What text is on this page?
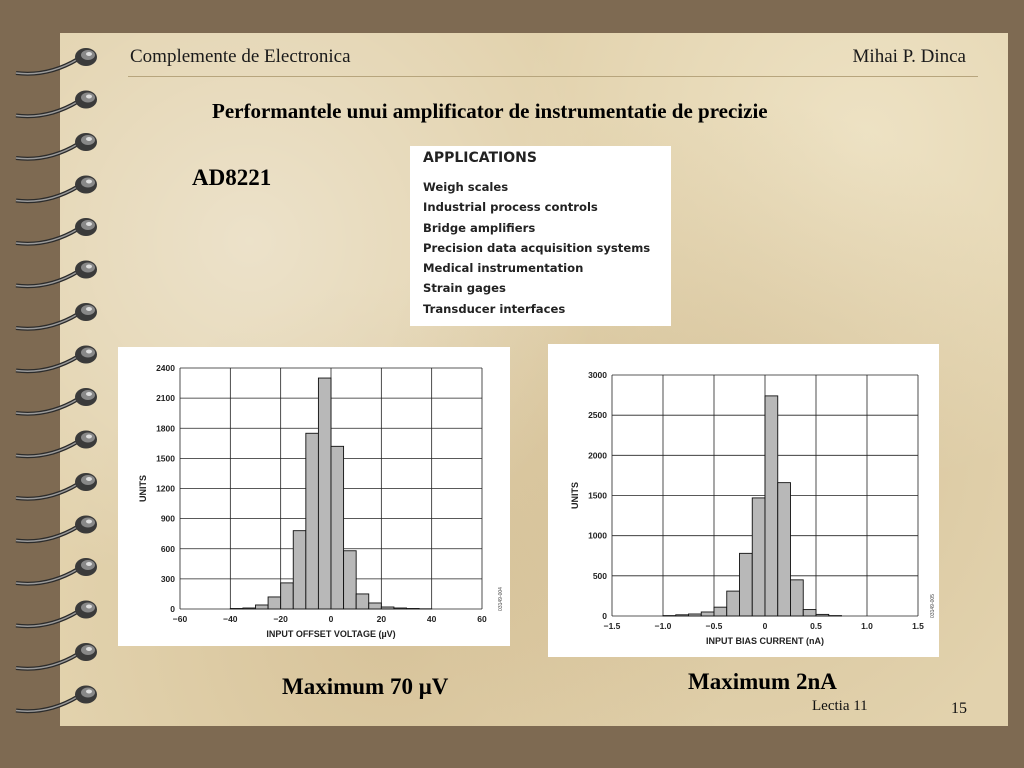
Complemente de Electronica	Mihai P. Dinca
Performantele unui amplificator de instrumentatie de precizie
AD8221
APPLICATIONS
Weigh scales
Industrial process controls
Bridge amplifiers
Precision data acquisition systems
Medical instrumentation
Strain gages
Transducer interfaces
−60	−40	−20	0	20	40	60
0
300
600
900
1200
1500
1800
2100
2400
INPUT OFFSET VOLTAGE (µV)
UNITS
03149-004
−1.5	−1.0	−0.5	0	0.5	1.0	1.5
0
500
1000
1500
2000
2500
3000
INPUT BIAS CURRENT (nA)
UNITS
03149-005
Maximum 70 μV	Maximum 2nA
Lectia 11	15
